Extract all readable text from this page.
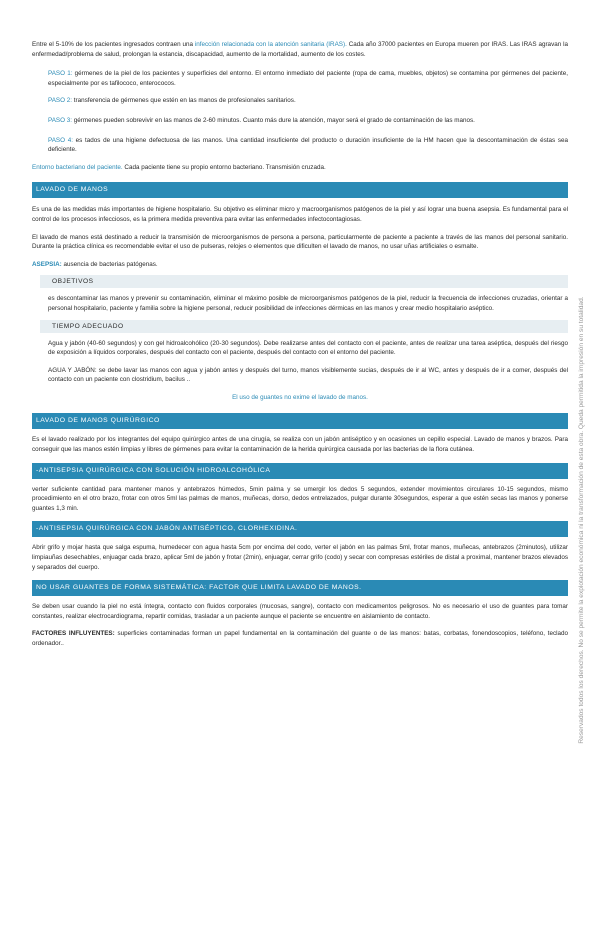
Entre el 5-10% de los pacientes ingresados contraen una infección relacionada con la atención sanitaria (IRAS). Cada año 37000 pacientes en Europa mueren por IRAS. Las IRAS agravan la enfermedad/problema de salud, prolongan la estancia, discapacidad, aumento de la mortalidad, aumento de los costes.

PASO 1: gérmenes de la piel de los pacientes y superficies del entorno. El entorno inmediato del paciente (ropa de cama, muebles, objetos) se contamina por gérmenes del paciente, especialmente por es tafilococo, enterococos.

PASO 2: transferencia de gérmenes que estén en las manos de profesionales sanitarios.

PASO 3: gérmenes pueden sobrevivir en las manos de 2-60 minutos. Cuanto más dure la atención, mayor será el grado de contaminación de las manos.

PASO 4: es tados de una higiene defectuosa de las manos. Una cantidad insuficiente del producto o duración insuficiente de la HM hacen que la descontaminación de éstas sea deficiente.

Entorno bacteriano del paciente. Cada paciente tiene su propio entorno bacteriano. Transmisión cruzada.

LAVADO DE MANOS

Es una de las medidas más importantes de higiene hospitalario. Su objetivo es eliminar micro y macroorganismos patógenos de la piel y así lograr una buena asepsia. Es fundamental para el control de los procesos infecciosos, es la primera medida preventiva para evitar las enfermedades infectocontagiosas.

El lavado de manos está destinado a reducir la transmisión de microorganismos de persona a persona, particularmente de paciente a paciente a través de las manos del personal sanitario. Durante la práctica clínica es recomendable evitar el uso de pulseras, relojes o elementos que dificulten el lavado de manos, no usar uñas artificiales o esmalte.

ASEPSIA: ausencia de bacterias patógenas.

OBJETIVOS

es descontaminar las manos y prevenir su contaminación, eliminar el máximo posible de microorganismos patógenos de la piel, reducir la frecuencia de infecciones cruzadas, orientar a personal hospitalario, paciente y familia sobre la higiene personal, reducir posibilidad de infecciones dérmicas en las manos y crear medio hospitalario aséptico.

TIEMPO ADECUADO

Agua y jabón (40-60 segundos) y con gel hidroalcohólico (20-30 segundos). Debe realizarse antes del contacto con el paciente, antes de realizar una tarea aséptica, después del riesgo de exposición a líquidos corporales, después del contacto con el paciente, después del contacto con el entorno del paciente.

AGUA Y JABÓN: se debe lavar las manos con agua y jabón antes y después del turno, manos visiblemente sucias, después de ir al WC, antes y después de ir a comer, después del contacto con un paciente con clostridium, bacilus ..

El uso de guantes no exime el lavado de manos.

LAVADO DE MANOS QUIRÚRGICO

Es el lavado realizado por los integrantes del equipo quirúrgico antes de una cirugía, se realiza con un jabón antiséptico y en ocasiones un cepillo especial. Lavado de manos y brazos. Para conseguir que las manos estén limpias y libres de gérmenes para evitar la contaminación de la herida quirúrgica causada por las bacterias de la flora cutánea.

-ANTISEPSIA QUIRÚRGICA CON SOLUCIÓN HIDROALCOHÓLICA

verter suficiente cantidad para mantener manos y antebrazos húmedos, 5min palma y se umergir los dedos 5 segundos, extender movimientos circulares 10-15 segundos, mismo procedimiento en el otro brazo, frotar con otros 5ml las palmas de manos, muñecas, dorso, dedos entrelazados, pulgar durante 30segundos, esperar a que estén secas las manos y ponerse guantes 1,3 min.

-ANTISEPSIA QUIRÚRGICA CON JABÓN ANTISÉPTICO, CLORHEXIDINA.

Abrir grifo y mojar hasta que salga espuma, humedecer con agua hasta 5cm por encima del codo, verter el jabón en las palmas 5ml, frotar manos, muñecas, antebrazos (2minutos), utilizar limpiauñas desechables, enjuagar cada brazo, aplicar 5ml de jabón y frotar (2min), enjuagar, cerrar grifo (codo) y secar con compresas estériles de distal a proximal, mantener brazos elevados y separados del cuerpo.

NO USAR GUANTES DE FORMA SISTEMÁTICA: FACTOR QUE LIMITA LAVADO DE MANOS.

Se deben usar cuando la piel no está íntegra, contacto con fluidos corporales (mucosas, sangre), contacto con medicamentos peligrosos. No es necesario el uso de guantes para tomar constantes, realizar electrocardiograma, repartir comidas, trasladar a un paciente aunque el paciente se encuentre en aislamiento de contacto.

FACTORES INFLUYENTES: superficies contaminadas forman un papel fundamental en la contaminación del guante o de las manos: batas, corbatas, fonendoscopios, teléfono, teclado ordenador..	Reservados todos los derechos. No se permite la explotación económica ni la transformación de esta obra. Queda permitida la impresión en su totalidad.
